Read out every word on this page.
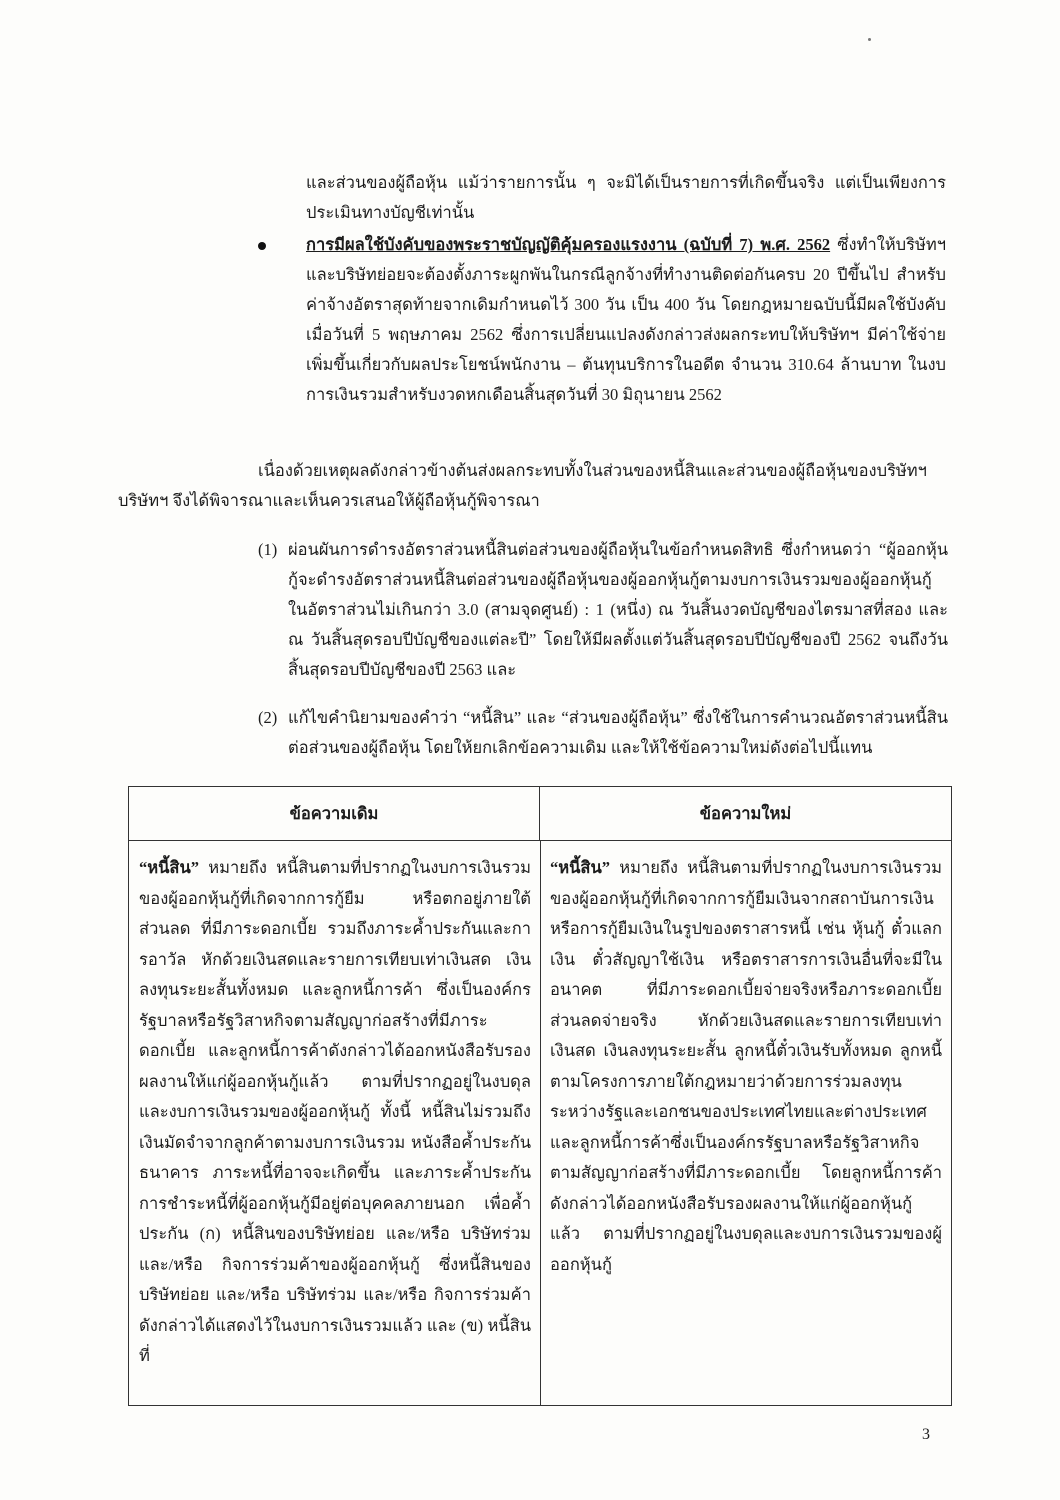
และส่วนของผู้ถือหุ้น แม้ว่ารายการนั้น ๆ จะมิได้เป็นรายการที่เกิดขึ้นจริง แต่เป็นเพียงการประเมินทางบัญชีเท่านั้น
การมีผลใช้บังคับของพระราชบัญญัติคุ้มครองแรงงาน (ฉบับที่ 7) พ.ศ. 2562 ซึ่งทำให้บริษัทฯ และบริษัทย่อยจะต้องตั้งภาระผูกพันในกรณีลูกจ้างที่ทำงานติดต่อกันครบ 20 ปีขึ้นไป สำหรับค่าจ้างอัตราสุดท้ายจากเดิมกำหนดไว้ 300 วัน เป็น 400 วัน โดยกฎหมายฉบับนี้มีผลใช้บังคับเมื่อวันที่ 5 พฤษภาคม 2562 ซึ่งการเปลี่ยนแปลงดังกล่าวส่งผลกระทบให้บริษัทฯ มีค่าใช้จ่ายเพิ่มขึ้นเกี่ยวกับผลประโยชน์พนักงาน – ต้นทุนบริการในอดีต จำนวน 310.64 ล้านบาท ในงบการเงินรวมสำหรับงวดหกเดือนสิ้นสุดวันที่ 30 มิถุนายน 2562
เนื่องด้วยเหตุผลดังกล่าวข้างต้นส่งผลกระทบทั้งในส่วนของหนี้สินและส่วนของผู้ถือหุ้นของบริษัทฯ บริษัทฯ จึงได้พิจารณาและเห็นควรเสนอให้ผู้ถือหุ้นกู้พิจารณา
(1) ผ่อนผันการดำรงอัตราส่วนหนี้สินต่อส่วนของผู้ถือหุ้นในข้อกำหนดสิทธิ ซึ่งกำหนดว่า “ผู้ออกหุ้นกู้จะดำรงอัตราส่วนหนี้สินต่อส่วนของผู้ถือหุ้นของผู้ออกหุ้นกู้ตามงบการเงินรวมของผู้ออกหุ้นกู้ ในอัตราส่วนไม่เกินกว่า 3.0 (สามจุดศูนย์) : 1 (หนึ่ง) ณ วันสิ้นงวดบัญชีของไตรมาสที่สอง และ ณ วันสิ้นสุดรอบปีบัญชีของแต่ละปี” โดยให้มีผลตั้งแต่วันสิ้นสุดรอบปีบัญชีของปี 2562 จนถึงวันสิ้นสุดรอบปีบัญชีของปี 2563 และ
(2) แก้ไขคำนิยามของคำว่า “หนี้สิน” และ “ส่วนของผู้ถือหุ้น” ซึ่งใช้ในการคำนวณอัตราส่วนหนี้สินต่อส่วนของผู้ถือหุ้น โดยให้ยกเลิกข้อความเดิม และให้ใช้ข้อความใหม่ดังต่อไปนี้แทน
ข้อความเดิม	ข้อความใหม่
“หนี้สิน” หมายถึง หนี้สินตามที่ปรากฏในงบการเงินรวมของผู้ออกหุ้นกู้ที่เกิดจากการกู้ยืม หรือตกอยู่ภายใต้ส่วนลด ที่มีภาระดอกเบี้ย รวมถึงภาระค้ำประกันและการอาวัล หักด้วยเงินสดและรายการเทียบเท่าเงินสด เงินลงทุนระยะสั้นทั้งหมด และลูกหนี้การค้า ซึ่งเป็นองค์กรรัฐบาลหรือรัฐวิสาหกิจตามสัญญาก่อสร้างที่มีภาระดอกเบี้ย และลูกหนี้การค้าดังกล่าวได้ออกหนังสือรับรองผลงานให้แก่ผู้ออกหุ้นกู้แล้ว ตามที่ปรากฏอยู่ในงบดุลและงบการเงินรวมของผู้ออกหุ้นกู้ ทั้งนี้ หนี้สินไม่รวมถึงเงินมัดจำจากลูกค้าตามงบการเงินรวม หนังสือค้ำประกันธนาคาร ภาระหนี้ที่อาจจะเกิดขึ้น และภาระค้ำประกันการชำระหนี้ที่ผู้ออกหุ้นกู้มีอยู่ต่อบุคคลภายนอก เพื่อค้ำประกัน (ก) หนี้สินของบริษัทย่อย และ/หรือ บริษัทร่วม และ/หรือ กิจการร่วมค้าของผู้ออกหุ้นกู้ ซึ่งหนี้สินของบริษัทย่อย และ/หรือ บริษัทร่วม และ/หรือ กิจการร่วมค้าดังกล่าวได้แสดงไว้ในงบการเงินรวมแล้ว และ (ข) หนี้สินที่
“หนี้สิน” หมายถึง หนี้สินตามที่ปรากฏในงบการเงินรวมของผู้ออกหุ้นกู้ที่เกิดจากการกู้ยืมเงินจากสถาบันการเงิน หรือการกู้ยืมเงินในรูปของตราสารหนี้ เช่น หุ้นกู้ ตั๋วแลกเงิน ตั๋วสัญญาใช้เงิน หรือตราสารการเงินอื่นที่จะมีในอนาคต ที่มีภาระดอกเบี้ยจ่ายจริงหรือภาระดอกเบี้ยส่วนลดจ่ายจริง หักด้วยเงินสดและรายการเทียบเท่าเงินสด เงินลงทุนระยะสั้น ลูกหนี้ตั๋วเงินรับทั้งหมด ลูกหนี้ตามโครงการภายใต้กฎหมายว่าด้วยการร่วมลงทุนระหว่างรัฐและเอกชนของประเทศไทยและต่างประเทศ และลูกหนี้การค้าซึ่งเป็นองค์กรรัฐบาลหรือรัฐวิสาหกิจตามสัญญาก่อสร้างที่มีภาระดอกเบี้ย โดยลูกหนี้การค้าดังกล่าวได้ออกหนังสือรับรองผลงานให้แก่ผู้ออกหุ้นกู้แล้ว ตามที่ปรากฏอยู่ในงบดุลและงบการเงินรวมของผู้ออกหุ้นกู้
3
